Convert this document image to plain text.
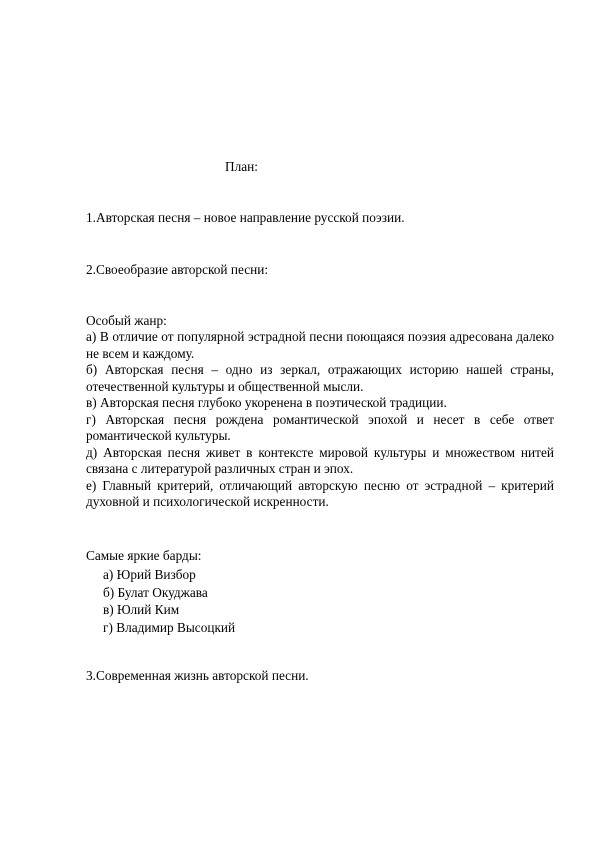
План:
1.Авторская песня – новое направление русской поэзии.
2.Своеобразие авторской песни:
Особый жанр:
а) В отличие от популярной эстрадной песни поющаяся поэзия адресована далеко не всем и каждому.
б) Авторская песня – одно из зеркал, отражающих историю нашей страны, отечественной культуры и общественной мысли.
в) Авторская песня глубоко укоренена в поэтической традиции.
г) Авторская песня рождена романтической эпохой и несет в себе ответ романтической культуры.
д) Авторская песня живет в контексте мировой культуры и множеством нитей связана с литературой различных стран и эпох.
е) Главный критерий, отличающий авторскую песню от эстрадной – критерий духовной и психологической искренности.
Самые яркие барды:
а) Юрий Визбор
б) Булат Окуджава
в) Юлий Ким
г) Владимир Высоцкий
3.Современная жизнь авторской песни.
